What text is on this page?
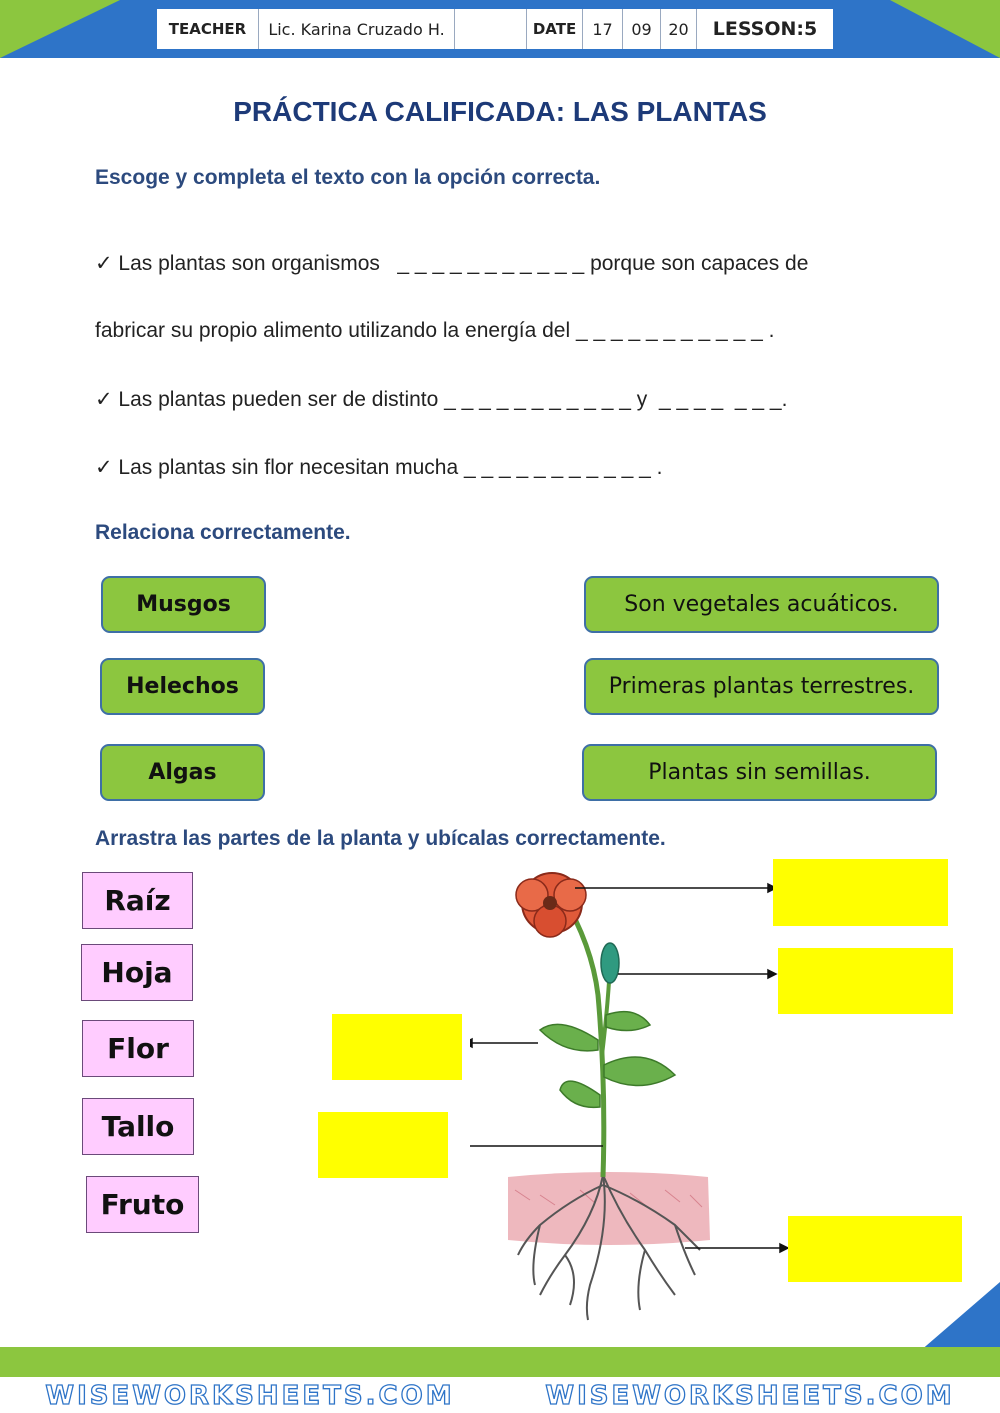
TEACHER	Lic. Karina Cruzado H.	DATE	17	09	20	LESSON:5
PRÁCTICA CALIFICADA: LAS PLANTAS
Escoge y completa el texto con la opción correcta.
✓ Las plantas son organismos   _ _ _ _ _ _ _ _ _ _ _ porque son capaces de
fabricar su propio alimento utilizando la energía del _ _ _ _ _ _ _ _ _ _ _ .
✓ Las plantas pueden ser de distinto _ _ _ _ _ _ _ _ _ _ _ y  _ _ _ _  _ _ _.
✓ Las plantas sin flor necesitan mucha _ _ _ _ _ _ _ _ _ _ _ .
Relaciona correctamente.
Musgos
Helechos
Algas
Son vegetales acuáticos.
Primeras plantas terrestres.
Plantas sin semillas.
Arrastra las partes de la planta y ubícalas correctamente.
Raíz
Hoja
Flor
Tallo
Fruto
WISEWORKSHEETS.COM	WISEWORKSHEETS.COM
